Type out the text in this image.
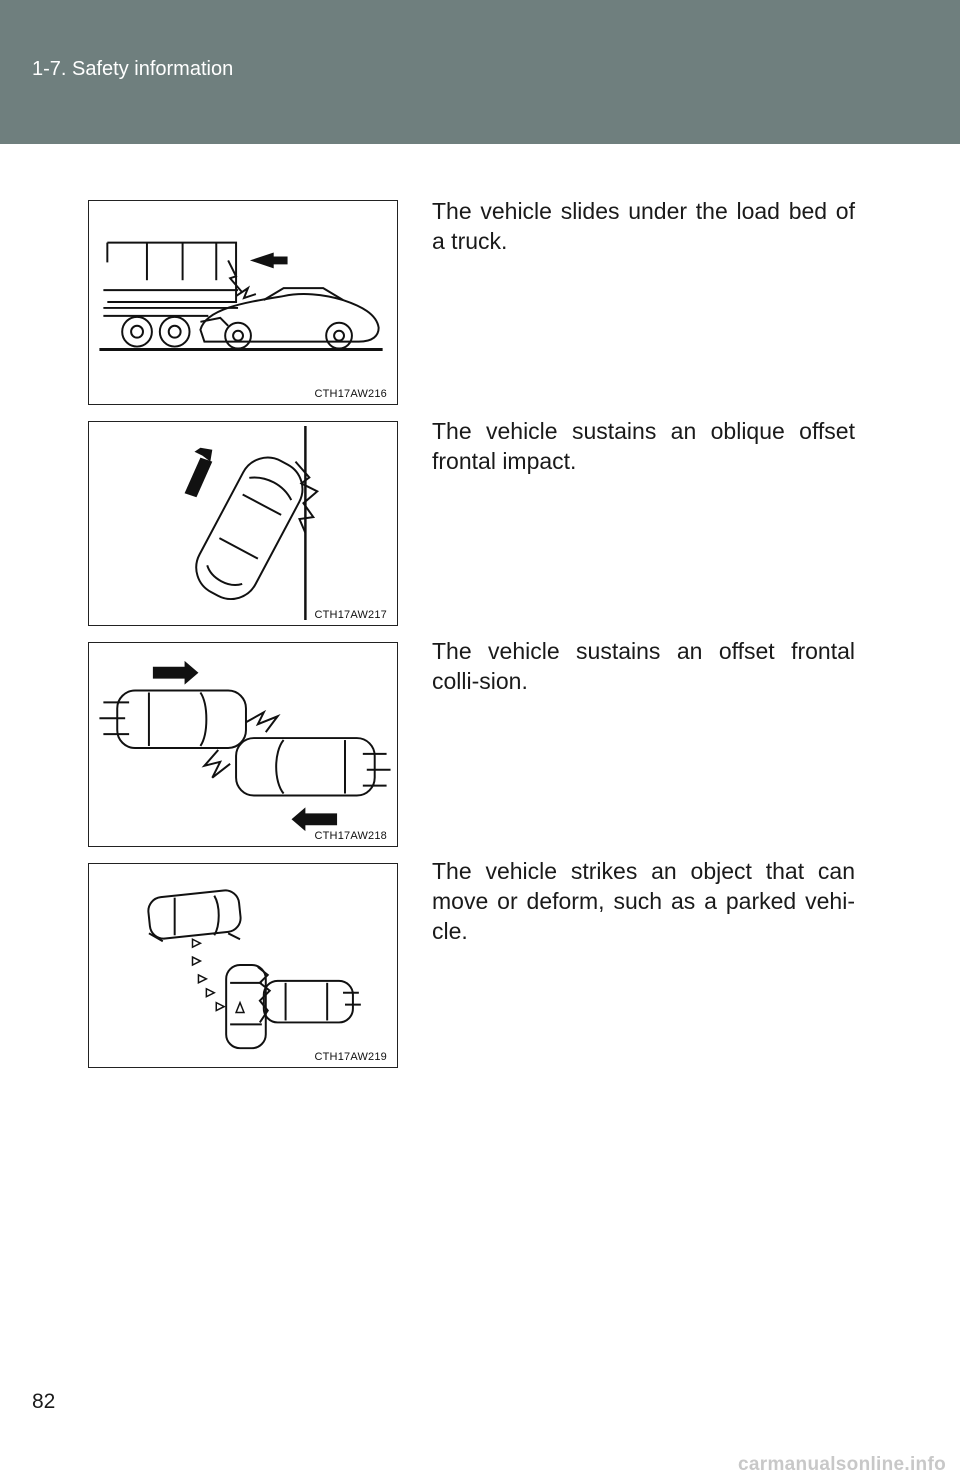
1-7. Safety information
CTH17AW216
The vehicle slides under the load bed of a truck.
CTH17AW217
The vehicle sustains an oblique offset frontal impact.
CTH17AW218
The vehicle sustains an offset frontal colli-sion.
CTH17AW219
The vehicle strikes an object that can move or deform, such as a parked vehi-cle.
82
carmanualsonline.info
